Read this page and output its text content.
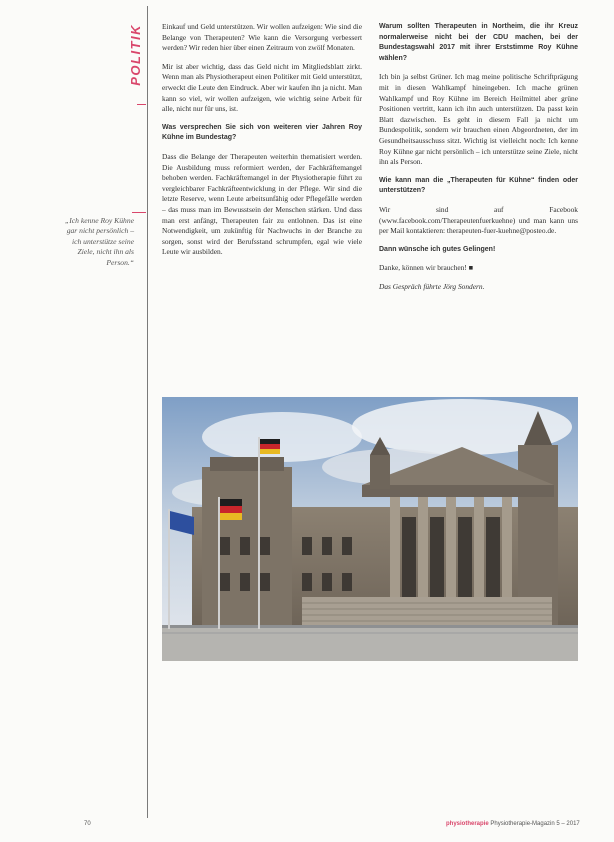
POLITIK
„Ich kenne Roy Kühne gar nicht persönlich – ich unterstütze seine Ziele, nicht ihn als Person.“

Einkauf und Geld unterstützen. Wir wollen aufzeigen: Wie sind die Belange von Therapeuten? Wie kann die Versorgung verbessert werden? Wir reden hier über einen Zeitraum von zwölf Monaten.

Mir ist aber wichtig, dass das Geld nicht im Mitgliedsblatt zirkt. Wenn man als Physiotherapeut einen Politiker mit Geld unterstützt, erweckt die Leute den Eindruck. Aber wir kaufen ihn ja nicht. Man kann so viel, wir wollen aufzeigen, wie wichtig seine Arbeit für alle, nicht nur für uns, ist.

Was versprechen Sie sich von weiteren vier Jahren Roy Kühne im Bundestag?

Dass die Belange der Therapeuten weiterhin thematisiert werden. Die Ausbildung muss reformiert werden, der Fachkräftemangel behoben werden. Fachkräftemangel in der Physiotherapie führt zu vergleichbarer Fachkräfteentwicklung in der Pflege. Wir sind die letzte Reserve, wenn Leute arbeitsunfähig oder Pflegefälle werden – das muss man im Bewusstsein der Menschen stärken. Und dass man erst anfängt, Therapeuten fair zu entlohnen. Das ist eine Notwendigkeit, um zukünftig für Nachwuchs in der Branche zu sorgen, sonst wird der Berufsstand schrumpfen, egal wie viele Leute wir ausbilden.

Warum sollten Therapeuten in Northeim, die ihr Kreuz normalerweise nicht bei der CDU machen, bei der Bundestagswahl 2017 mit ihrer Erststimme Roy Kühne wählen?

Ich bin ja selbst Grüner. Ich mag meine politische Schriftprägung mit in diesen Wahlkampf hineingeben. Ich mache grünen Wahlkampf und Roy Kühne im Bereich Heilmittel aber grüne Positionen vertritt, kann ich ihn auch unterstützen. Da passt kein Blatt dazwischen. Es geht in diesem Fall ja nicht um Bundespolitik, sondern wir brauchen einen Abgeordneten, der im Gesundheitsausschuss sitzt. Wichtig ist vielleicht noch: Ich kenne Roy Kühne gar nicht persönlich – ich unterstütze seine Ziele, nicht ihn als Person.

Wie kann man die „Therapeuten für Kühne“ finden oder unterstützen?

Wir sind auf Facebook (www.facebook.com/Therapeutenfuerkuehne) und man kann uns per Mail kontaktieren: therapeuten-fuer-kuehne@posteo.de.

Dann wünsche ich gutes Gelingen!

Danke, können wir brauchen! ■

Das Gespräch führte Jörg Sondern.

70	physiotherapie Physiotherapie-Magazin 5 – 2017
